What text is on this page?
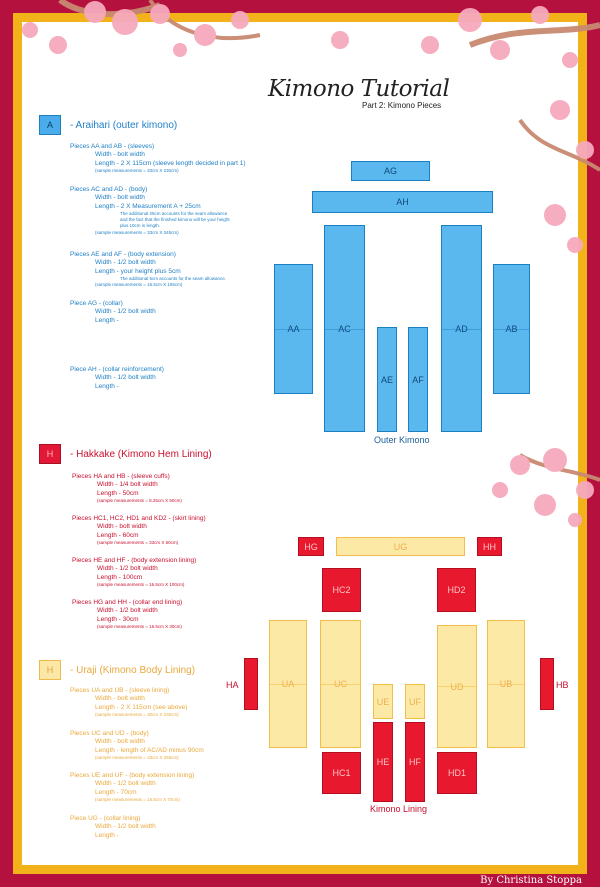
Kimono Tutorial
Part 2: Kimono Pieces
A	- Araihari (outer kimono)
Pieces AA and AB - (sleeves)
Width - bolt width
Length - 2 X 115cm (sleeve length decided in part 1)
(sample measurements = 33cm X 230cm)
Pieces AC and AD - (body)
Width - bolt width
Length - 2 X Measurement A + 25cm
The additional 25cm accounts for the seam allowance
and the fact that the finished kimono will be your height
plus 10cm in length.
(sample measurements = 33cm X 345cm)
Pieces AE and AF - (body extension)
Width - 1/2 bolt width
Length - your height plus 5cm
The additional 5cm accounts for the seam allowance.
(sample measurements = 16.5cm X 165cm)
Piece AG - (collar)
Width - 1/2 bolt width
Length -
Piece AH - (collar reinforcement)
Width - 1/2 bolt width
Length -
H	- Hakkake (Kimono Hem Lining)
Pieces HA and HB - (sleeve cuffs)
Width - 1/4 bolt width
Length - 50cm
(sample measurements = 8.25cm X 50cm)
Pieces HC1, HC2, HD1 and KD2 - (skirt lining)
Width - bolt width
Length - 60cm
(sample measurements = 33cm X 60cm)
Pieces HE and HF - (body extension lining)
Width - 1/2 bolt width
Length - 100cm
(sample measurements = 16.5cm X 100cm)
Pieces HG and HH - (collar end lining)
Width - 1/2 bolt width
Length - 30cm
(sample measurements = 16.5cm X 30cm)
H	- Uraji (Kimono Body Lining)
Pieces UA and UB - (sleeve lining)
Width - bolt width
Length - 2 X 115cm (see above)
(sample measurements = 30cm X 230cm)
Pieces UC and UD - (body)
Width - bolt width
Length - length of AC/AD minus 90cm
(sample measurements = 33cm X 255cm)
Pieces UE and UF - (body extension lining)
Width - 1/2 bolt width
Length - 70cm
(sample measurements = 16.5cm X 70cm)
Piece UG - (collar lining)
Width - 1/2 bolt width
Length -
AG
AH
AA	AC
AE	AF
AD	AB
Outer Kimono
HG	UG	HH
HC2	HD2
HA	HB
UA	UC
UE	UF
UD	UB
HC1
HE	HF
HD1
Kimono Lining
By Christina Stoppa
